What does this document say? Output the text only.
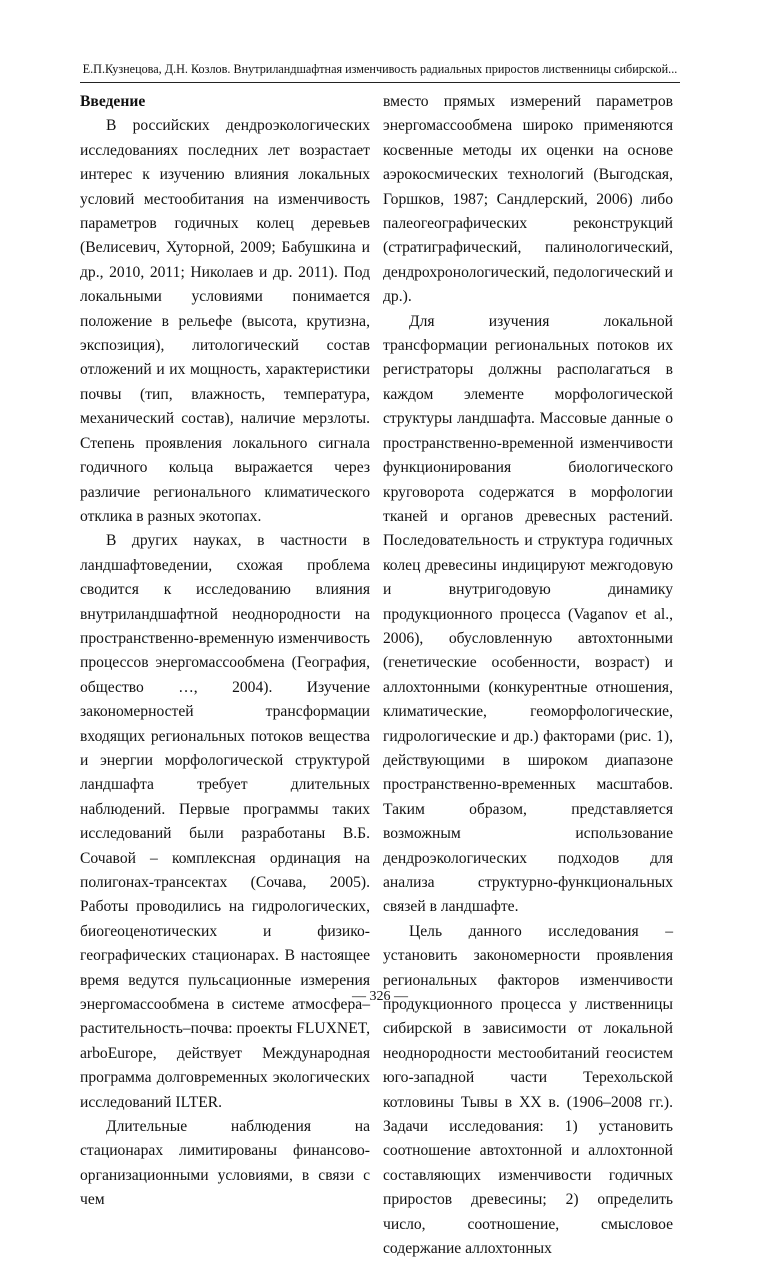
Е.П.Кузнецова, Д.Н. Козлов. Внутриландшафтная изменчивость радиальных приростов лиственницы сибирской...
Введение

В российских дендроэкологических исследованиях последних лет возрастает интерес к изучению влияния локальных условий местообитания на изменчивость параметров годичных колец деревьев (Велисевич, Хуторной, 2009; Бабушкина и др., 2010, 2011; Николаев и др. 2011). Под локальными условиями понимается положение в рельефе (высота, крутизна, экспозиция), литологический состав отложений и их мощность, характеристики почвы (тип, влажность, температура, механический состав), наличие мерзлоты. Степень проявления локального сигнала годичного кольца выражается через различие регионального климатического отклика в разных экотопах.

В других науках, в частности в ландшафтоведении, схожая проблема сводится к исследованию влияния внутриландшафтной неоднородности на пространственно-временную изменчивость процессов энергомассообмена (География, общество …, 2004). Изучение закономерностей трансформации входящих региональных потоков вещества и энергии морфологической структурой ландшафта требует длительных наблюдений. Первые программы таких исследований были разработаны В.Б. Сочавой – комплексная ординация на полигонах-трансектах (Сочава, 2005). Работы проводились на гидрологических, биогеоценотических и физико-географических стационарах. В настоящее время ведутся пульсационные измерения энергомассообмена в системе атмосфера–растительность–почва: проекты FLUXNET, arboEurope, действует Международная программа долговременных экологических исследований ILTER.

Длительные наблюдения на стационарах лимитированы финансово-организационными условиями, в связи с чем

вместо прямых измерений параметров энергомассообмена широко применяются косвенные методы их оценки на основе аэрокосмических технологий (Выгодская, Горшков, 1987; Сандлерский, 2006) либо палеогеографических реконструкций (стратиграфический, палинологический, дендрохронологический, педологический и др.).

Для изучения локальной трансформации региональных потоков их регистраторы должны располагаться в каждом элементе морфологической структуры ландшафта. Массовые данные о пространственно-временной изменчивости функционирования биологического круговорота содержатся в морфологии тканей и органов древесных растений. Последовательность и структура годичных колец древесины индицируют межгодовую и внутригодовую динамику продукционного процесса (Vaganov et al., 2006), обусловленную автохтонными (генетические особенности, возраст) и аллохтонными (конкурентные отношения, климатические, геоморфологические, гидрологические и др.) факторами (рис. 1), действующими в широком диапазоне пространственно-временных масштабов. Таким образом, представляется возможным использование дендроэкологических подходов для анализа структурно-функциональных связей в ландшафте.

Цель данного исследования – установить закономерности проявления региональных факторов изменчивости продукционного процесса у лиственницы сибирской в зависимости от локальной неоднородности местообитаний геосистем юго-западной части Терехольской котловины Тывы в XX в. (1906–2008 гг.). Задачи исследования: 1) установить соотношение автохтонной и аллохтонной составляющих изменчивости годичных приростов древесины; 2) определить число, соотношение, смысловое содержание аллохтонных

— 326 —
